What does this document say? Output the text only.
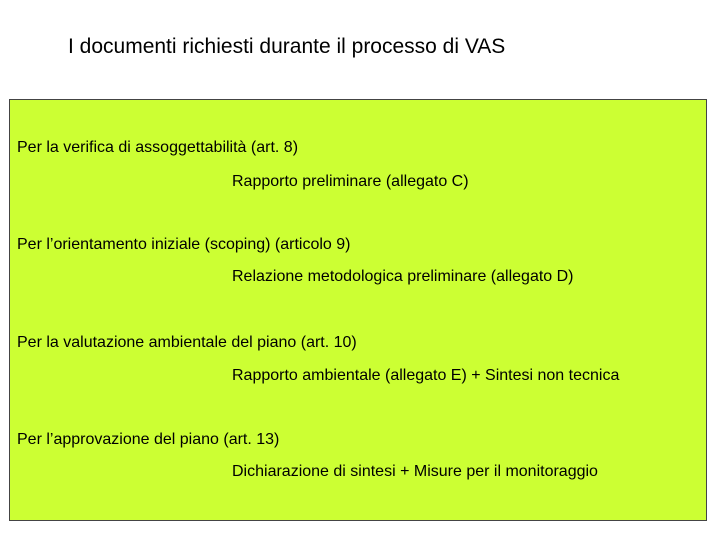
I documenti richiesti durante il processo di VAS
Per la verifica di assoggettabilità (art. 8)
Rapporto preliminare (allegato C)
Per l’orientamento iniziale (scoping) (articolo 9)
Relazione metodologica preliminare (allegato D)
Per la valutazione ambientale del piano (art. 10)
Rapporto ambientale (allegato E) + Sintesi non tecnica
Per l’approvazione del piano (art. 13)
Dichiarazione di sintesi + Misure per il monitoraggio
